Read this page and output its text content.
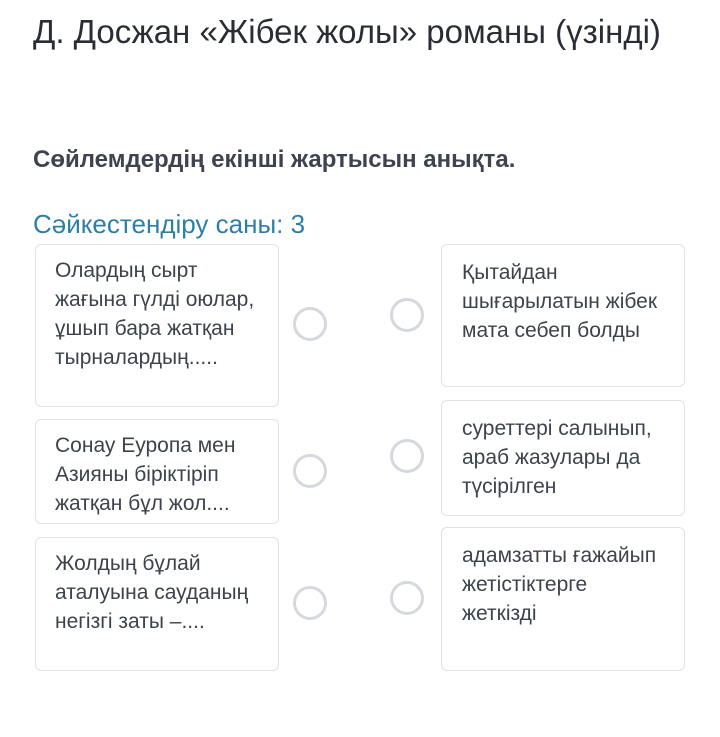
Д. Досжан «Жібек жолы» романы (үзінді)
Сөйлемдердің екінші жартысын анықта.
Сәйкестендіру саны: 3
Олардың сырт жағына гүлді оюлар, ұшып бара жатқан тырналардың.....
Сонау Еуропа мен Азияны біріктіріп жатқан бұл жол....
Жолдың бұлай аталуына сауданың негізгі заты –....
Қытайдан шығарылатын жібек мата себеп болды
суреттері салынып, араб жазулары да түсірілген
адамзатты ғажайып жетістіктерге жеткізді
